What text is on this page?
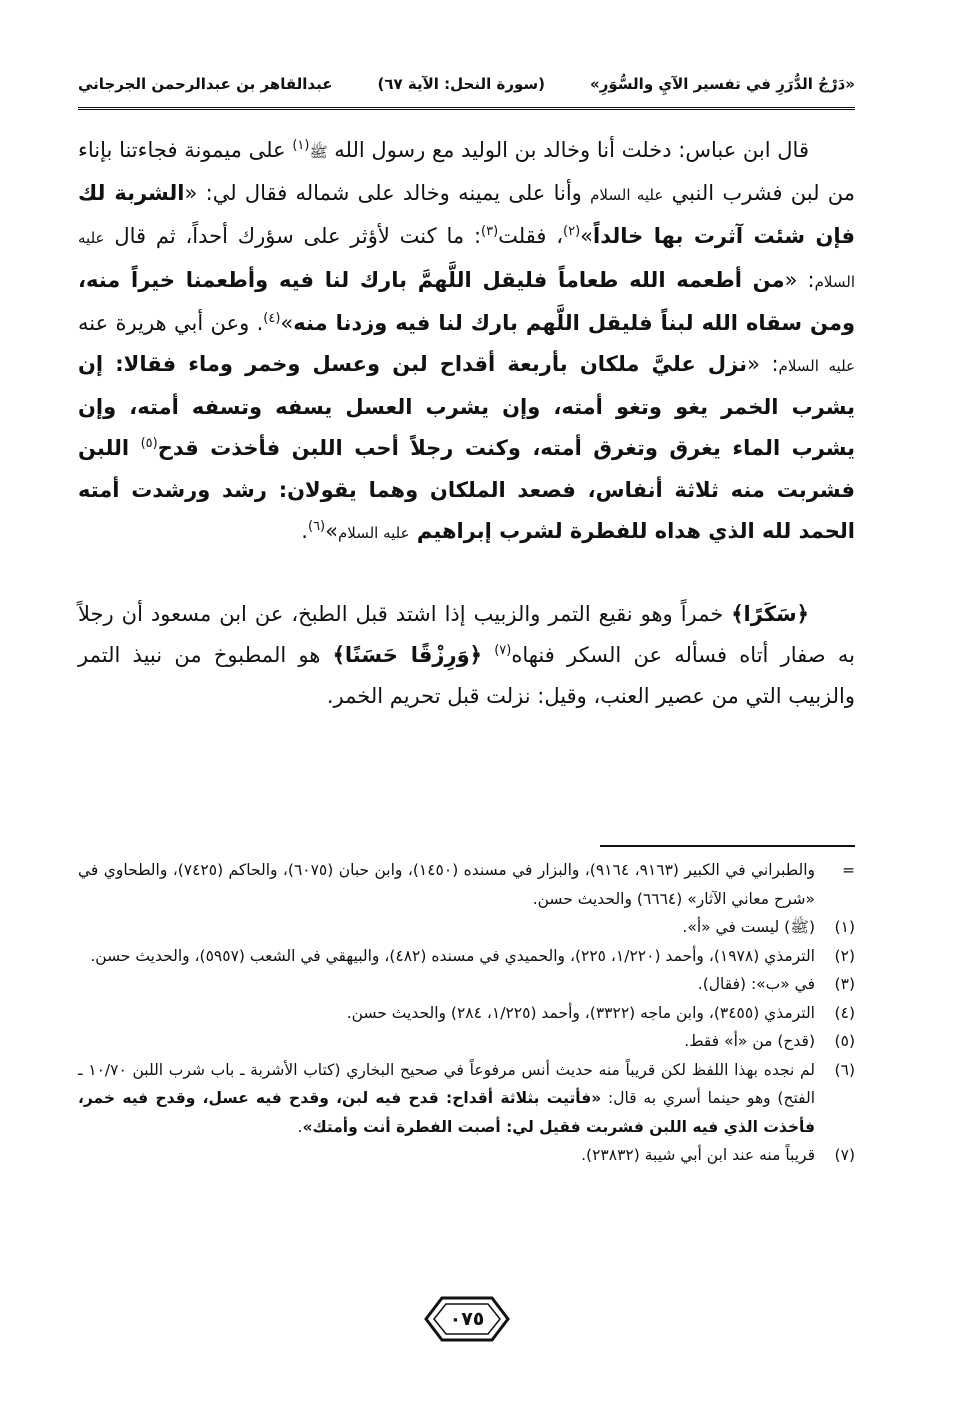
«دَرْجُ الدُّرَرِ في تفسير الآيِ والسُّوَرِ»
(سورة النحل: الآية ٦٧)
عبدالقاهر بن عبدالرحمن الجرجاني

قال ابن عباس: دخلت أنا وخالد بن الوليد مع رسول الله ﷺ$^{(١)}$ على ميمونة فجاءتنا بإناء من لبن فشرب النبي عليه السلام وأنا على يمينه وخالد على شماله فقال لي: «الشربة لك فإن شئت آثرت بها خالداً»$^{(٢)}$، فقلت$^{(٣)}$: ما كنت لأؤثر على سؤرك أحداً، ثم قال عليه السلام: «من أطعمه الله طعاماً فليقل اللَّهمَّ بارك لنا فيه وأطعمنا خيراً منه، ومن سقاه الله لبناً فليقل اللَّهم بارك لنا فيه وزدنا منه»$^{(٤)}$. وعن أبي هريرة عنه عليه السلام: «نزل عليَّ ملكان بأربعة أقداح لبن وعسل وخمر وماء فقالا: إن يشرب الخمر يغو وتغو أمته، وإن يشرب العسل يسفه وتسفه أمته، وإن يشرب الماء يغرق وتغرق أمته، وكنت رجلاً أحب اللبن فأخذت قدح$^{(٥)}$ اللبن فشربت منه ثلاثة أنفاس، فصعد الملكان وهما يقولان: رشد ورشدت أمته الحمد لله الذي هداه للفطرة لشرب إبراهيم عليه السلام»$^{(٦)}$.

﴿سَكَرًا﴾ خمراً وهو نقيع التمر والزبيب إذا اشتد قبل الطبخ، عن ابن مسعود أن رجلاً به صفار أتاه فسأله عن السكر فنهاه$^{(٧)}$ ﴿وَرِزْقًا حَسَنًا﴾ هو المطبوخ من نبيذ التمر والزبيب التي من عصير العنب، وقيل: نزلت قبل تحريم الخمر.

=
والطبراني في الكبير (٩١٦٣، ٩١٦٤)، والبزار في مسنده (١٤٥٠)، وابن حبان (٦٠٧٥)، والحاكم (٧٤٢٥)، والطحاوي في «شرح معاني الآثار» (٦٦٦٤) والحديث حسن.
(١)
(ﷺ) ليست في «أ».
(٢)
الترمذي (١٩٧٨)، وأحمد (١/٢٢٠، ٢٢٥)، والحميدي في مسنده (٤٨٢)، والبيهقي في الشعب (٥٩٥٧)، والحديث حسن.
(٣)
في «ب»: (فقال).
(٤)
الترمذي (٣٤٥٥)، وابن ماجه (٣٣٢٢)، وأحمد (١/٢٢٥، ٢٨٤) والحديث حسن.
(٥)
(قدح) من «أ» فقط.
(٦)
لم نجده بهذا اللفظ لكن قريباً منه حديث أنس مرفوعاً في صحيح البخاري (كتاب الأشربة ـ باب شرب اللبن ١٠/٧٠ ـ الفتح) وهو حينما أسري به قال: «فأتيت بثلاثة أقداح: قدح فيه لبن، وقدح فيه عسل، وقدح فيه خمر، فأخذت الذي فيه اللبن فشربت فقيل لي: أصبت الفطرة أنت وأمتك».
(٧)
قريباً منه عند ابن أبي شيبة (٢٣٨٣٢).
٠٧٥
